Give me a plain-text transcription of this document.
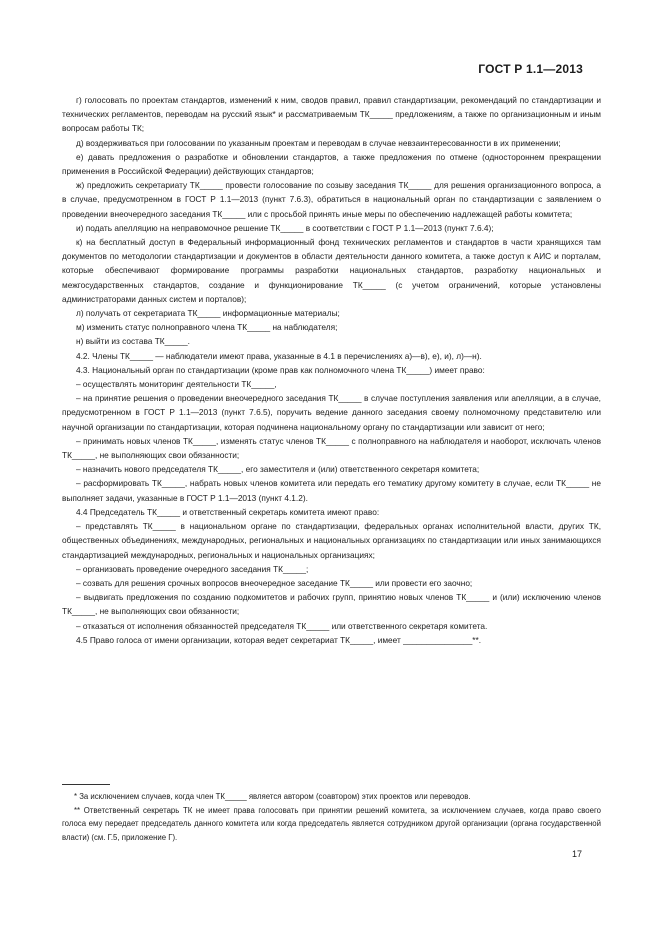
ГОСТ Р 1.1—2013

г) голосовать по проектам стандартов, изменений к ним, сводов правил, правил стандартизации, рекомендаций по стандартизации и технических регламентов, переводам на русский язык* и рассматриваемым ТК_____ предложениям, а также по организационным и иным вопросам работы ТК;

д) воздерживаться при голосовании по указанным проектам и переводам в случае невзаинтересованности в их применении;

е) давать предложения о разработке и обновлении стандартов, а также предложения по отмене (одностороннем прекращении применения в Российской Федерации) действующих стандартов;

ж) предложить секретариату ТК_____ провести голосование по созыву заседания ТК_____ для решения организационного вопроса, а в случае, предусмотренном в ГОСТ Р 1.1—2013 (пункт 7.6.3), обратиться в национальный орган по стандартизации с заявлением о проведении внеочередного заседания ТК_____ или с просьбой принять иные меры по обеспечению надлежащей работы комитета;

и) подать апелляцию на неправомочное решение ТК_____ в соответствии с ГОСТ Р 1.1—2013 (пункт 7.6.4);

к) на бесплатный доступ в Федеральный информационный фонд технических регламентов и стандартов в части хранящихся там документов по методологии стандартизации и документов в области деятельности данного комитета, а также доступ к АИС и порталам, которые обеспечивают формирование программы разработки национальных стандартов, разработку национальных и межгосударственных стандартов, создание и функционирование ТК_____ (с учетом ограничений, которые установлены администраторами данных систем и порталов);

л) получать от секретариата ТК_____ информационные материалы;

м) изменить статус полноправного члена ТК_____ на наблюдателя;

н) выйти из состава ТК_____.

4.2. Члены ТК_____ — наблюдатели имеют права, указанные в 4.1 в перечислениях а)—в), е), и), л)—н).

4.3. Национальный орган по стандартизации (кроме прав как полномочного члена ТК_____) имеет право:

– осуществлять мониторинг деятельности ТК_____,

– на принятие решения о проведении внеочередного заседания ТК_____ в случае поступления заявления или апелляции, а в случае, предусмотренном в ГОСТ Р 1.1—2013 (пункт 7.6.5), поручить ведение данного заседания своему полномочному представителю или научной организации по стандартизации, которая подчинена национальному органу по стандартизации или зависит от него;

– принимать новых членов ТК_____, изменять статус членов ТК_____ с полноправного на наблюдателя и наоборот, исключать членов ТК_____, не выполняющих свои обязанности;

– назначить нового председателя ТК_____, его заместителя и (или) ответственного секретаря комитета;

– расформировать ТК_____, набрать новых членов комитета или передать его тематику другому комитету в случае, если ТК_____ не выполняет задачи, указанные в ГОСТ Р 1.1—2013 (пункт 4.1.2).

4.4 Председатель ТК_____ и ответственный секретарь комитета имеют право:

– представлять ТК_____ в национальном органе по стандартизации, федеральных органах исполнительной власти, других ТК, общественных объединениях, международных, региональных и национальных организациях по стандартизации или иных занимающихся стандартизацией международных, региональных и национальных организациях;

– организовать проведение очередного заседания ТК_____;

– созвать для решения срочных вопросов внеочередное заседание ТК_____ или провести его заочно;

– выдвигать предложения по созданию подкомитетов и рабочих групп, принятию новых членов ТК_____ и (или) исключению членов ТК_____, не выполняющих свои обязанности;

– отказаться от исполнения обязанностей председателя ТК_____ или ответственного секретаря комитета.

4.5 Право голоса от имени организации, которая ведет секретариат ТК_____, имеет _______________**.

* За исключением случаев, когда член ТК_____ является автором (соавтором) этих проектов или переводов.

** Ответственный секретарь ТК не имеет права голосовать при принятии решений комитета, за исключением случаев, когда право своего голоса ему передает председатель данного комитета или когда председатель является сотрудником другой организации (органа государственной власти) (см. Г.5, приложение Г).

17
